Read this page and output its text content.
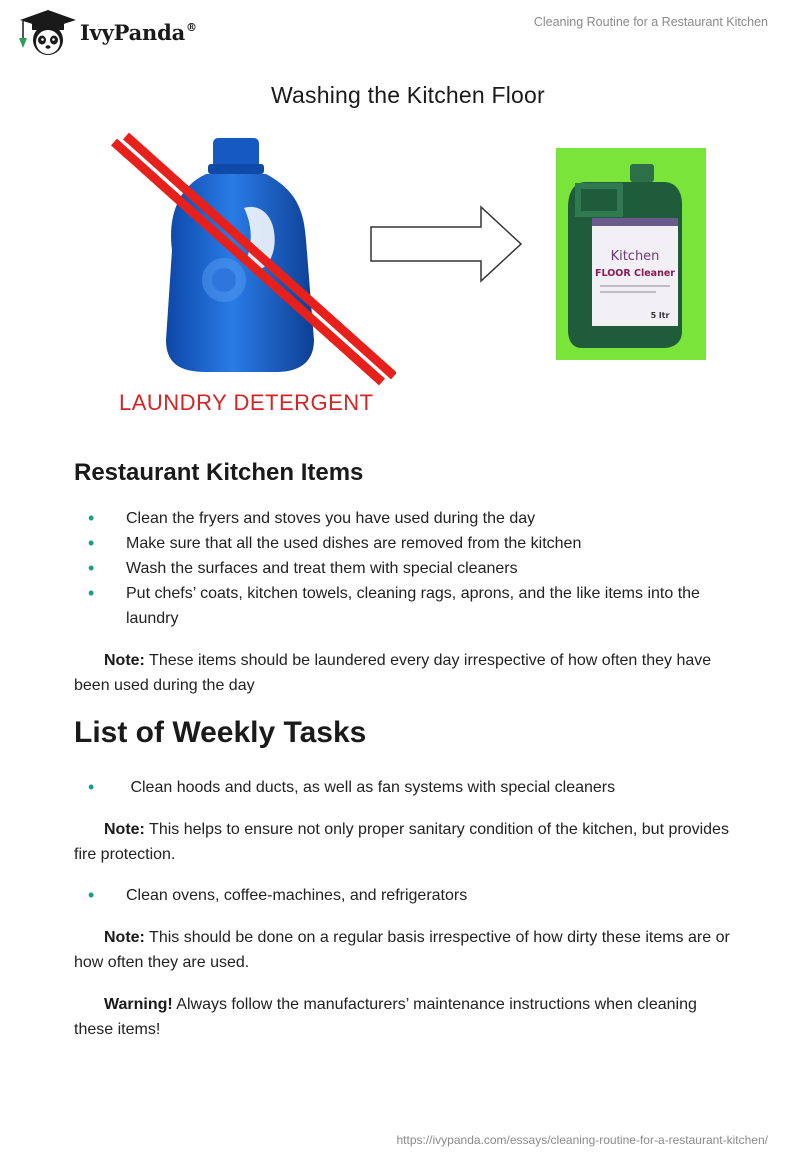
IvyPanda®	Cleaning Routine for a Restaurant Kitchen
Washing the Kitchen Floor
LAUNDRY DETERGENT
Kitchen
FLOOR Cleaner
5 ltr
Restaurant Kitchen Items
• Clean the fryers and stoves you have used during the day
• Make sure that all the used dishes are removed from the kitchen
• Wash the surfaces and treat them with special cleaners
• Put chefs’ coats, kitchen towels, cleaning rags, aprons, and the like items into the laundry

Note: These items should be laundered every day irrespective of how often they have been used during the day

List of Weekly Tasks
•  Clean hoods and ducts, as well as fan systems with special cleaners

Note: This helps to ensure not only proper sanitary condition of the kitchen, but provides fire protection.

• Clean ovens, coffee-machines, and refrigerators

Note: This should be done on a regular basis irrespective of how dirty these items are or how often they are used.

Warning! Always follow the manufacturers’ maintenance instructions when cleaning these items!

https://ivypanda.com/essays/cleaning-routine-for-a-restaurant-kitchen/
